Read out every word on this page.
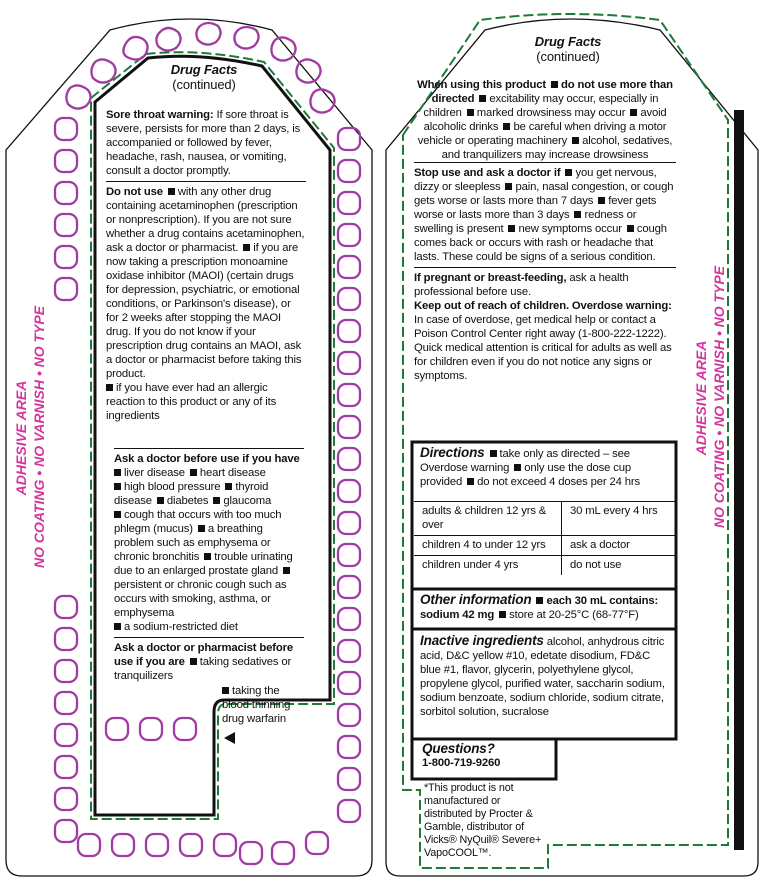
Drug Facts
(continued)
Sore throat warning: If sore throat is severe, persists for more than 2 days, is accompanied or followed by fever, headache, rash, nausea, or vomiting, consult a doctor promptly.
Do not use with any other drug containing acetaminophen (prescription or nonprescription). If you are not sure whether a drug contains acetaminophen, ask a doctor or pharmacist. if you are now taking a prescription monoamine oxidase inhibitor (MAOI) (certain drugs for depression, psychiatric, or emotional conditions, or Parkinson's disease), or for 2 weeks after stopping the MAOI drug. If you do not know if your prescription drug contains an MAOI, ask a doctor or pharmacist before taking this product.
if you have ever had an allergic reaction to this product or any of its ingredients
Ask a doctor before use if you have
liver disease heart disease
high blood pressure thyroid disease diabetes glaucoma
cough that occurs with too much phlegm (mucus) a breathing problem such as emphysema or chronic bronchitis trouble urinating due to an enlarged prostate glandpersistent or chronic cough such as occurs with smoking, asthma, or emphysema
a sodium-restricted diet
Ask a doctor or pharmacist before use if you are taking sedatives or tranquilizers
taking the blood thinning drug warfarin
ADHESIVE AREA NO COATING • NO VARNISH • NO TYPE
Drug Facts
(continued)
When using this product do not use more than directed excitability may occur, especially in children marked drowsiness may occur avoid alcoholic drinks be careful when driving a motor vehicle or operating machinery alcohol, sedatives, and tranquilizers may increase drowsiness
Stop use and ask a doctor if you get nervous, dizzy or sleepless pain, nasal congestion, or cough gets worse or lasts more than 7 days fever gets worse or lasts more than 3 days redness or swelling is present new symptoms occur cough comes back or occurs with rash or headache that lasts. These could be signs of a serious condition.
If pregnant or breast-feeding, ask a health professional before use.
Keep out of reach of children. Overdose warning: In case of overdose, get medical help or contact a Poison Control Center right away (1-800-222-1222). Quick medical attention is critical for adults as well as for children even if you do not notice any signs or symptoms.
Directions take only as directed – see Overdose warning only use the dose cup provided do not exceed 4 doses per 24 hrs
adults & children 12 yrs & over	30 mL every 4 hrs
children 4 to under 12 yrs	ask a doctor
children under 4 yrs	do not use
Other information each 30 mL contains: sodium 42 mg store at 20-25°C (68-77°F)
Inactive ingredients alcohol, anhydrous citric acid, D&C yellow #10, edetate disodium, FD&C blue #1, flavor, glycerin, polyethylene glycol, propylene glycol, purified water, saccharin sodium, sodium benzoate, sodium chloride, sodium citrate, sorbitol solution, sucralose
Questions?
1-800-719-9260
*This product is not manufactured or distributed by Procter & Gamble, distributor of Vicks® NyQuil® Severe+ VapoCOOL™.
ADHESIVE AREA NO COATING • NO VARNISH • NO TYPE
